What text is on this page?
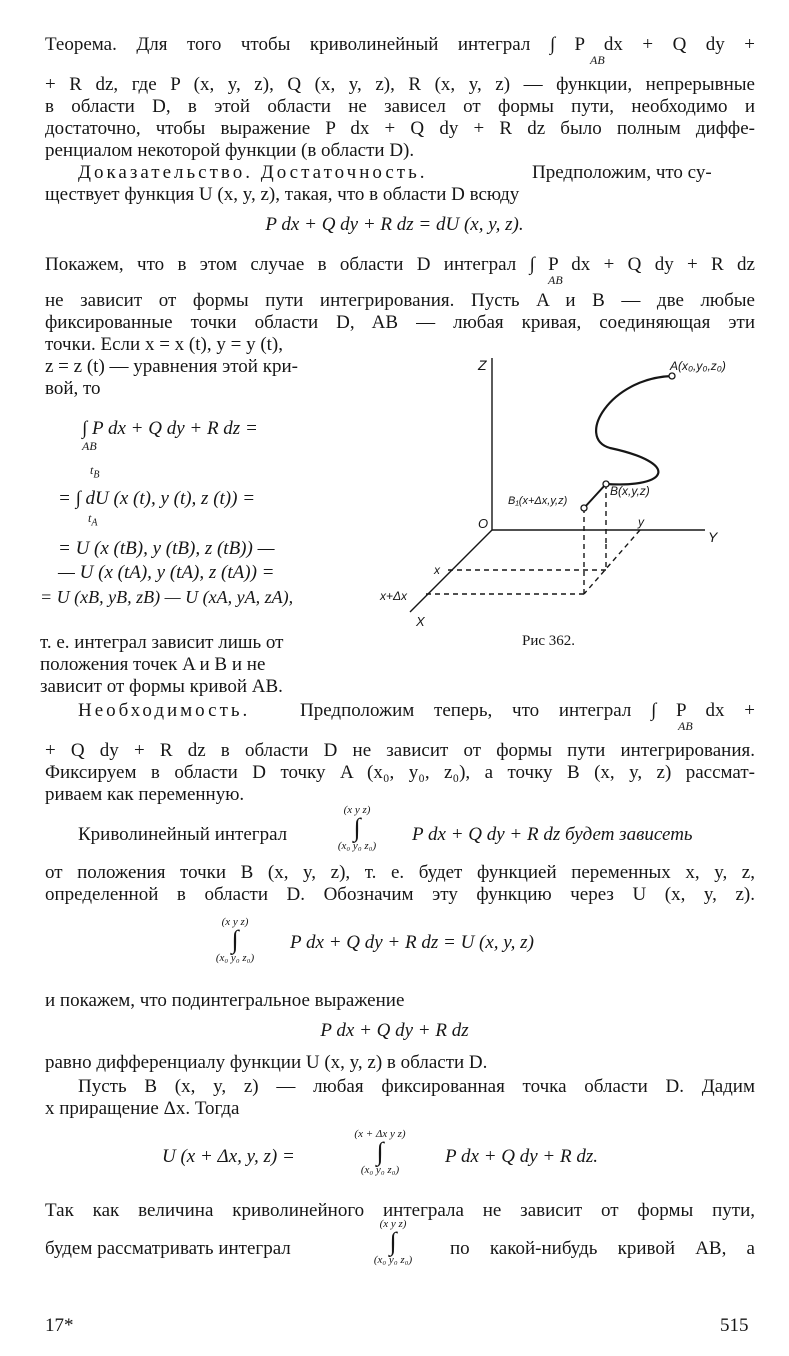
Теорема. Для того чтобы криволинейный интеграл ∫ P dx + Q dy +
AB
+ R dz, где P (x, y, z), Q (x, y, z), R (x, y, z) — функции, непрерывные
в области D, в этой области не зависел от формы пути, необходимо и
достаточно, чтобы выражение P dx + Q dy + R dz было полным диффе-
ренциалом некоторой функции (в области D).
Доказательство. Достаточность.	Предположим, что су-
ществует функция U (x, y, z), такая, что в области D всюду
P dx + Q dy + R dz = dU (x, y, z).
Покажем, что в этом случае в области D интеграл ∫ P dx + Q dy + R dz
AB
не зависит от формы пути интегрирования. Пусть A и B — две любые
фиксированные точки области D, AB — любая кривая, соединяющая эти
точки. Если x = x (t), y = y (t),
z = z (t) — уравнения этой кри-
вой, то
∫ P dx + Q dy + R dz =
AB
$t_B$
= ∫ dU (x (t), y (t), z (t)) =
$t_A$
= U (x (tB), y (tB), z (tB)) —
— U (x (tA), y (tA), z (tA)) =
= U (xB, yB, zB) — U (xA, yA, zA),
т. е. интеграл зависит лишь от
положения точек A и B и не
зависит от формы кривой AB.
Z
Y
X
O
A(x₀,y₀,z₀)
B(x,y,z)
B₁(x+Δx,y,z)
y
x
x+Δx
Рис 362.
Необходимость.	Предположим теперь, что интеграл ∫ P dx +
AB
+ Q dy + R dz в области D не зависит от формы пути интегрирования.
Фиксируем в области D точку A (x₀, y₀, z₀), а точку B (x, y, z) рассмат-
риваем как переменную.
Криволинейный интеграл
(x y z)
∫
(x₀ y₀ z₀)
P dx + Q dy + R dz будет зависеть
от положения точки B (x, y, z), т. е. будет функцией переменных x, y, z,
определенной в области D. Обозначим эту функцию через U (x, y, z).
(x y z)
∫
(x₀ y₀ z₀)
P dx + Q dy + R dz = U (x, y, z)
и покажем, что подинтегральное выражение
P dx + Q dy + R dz
равно дифференциалу функции U (x, y, z) в области D.
Пусть B (x, y, z) — любая фиксированная точка области D. Дадим
x приращение Δx. Тогда
U (x + Δx, y, z) =
(x + Δx y z)
∫
(x₀ y₀ z₀)
P dx + Q dy + R dz.
Так как величина криволинейного интеграла не зависит от формы пути,
будем рассматривать интеграл
(x y z)
∫
(x₀ y₀ z₀)
по какой-нибудь кривой AB, а
17*	515
